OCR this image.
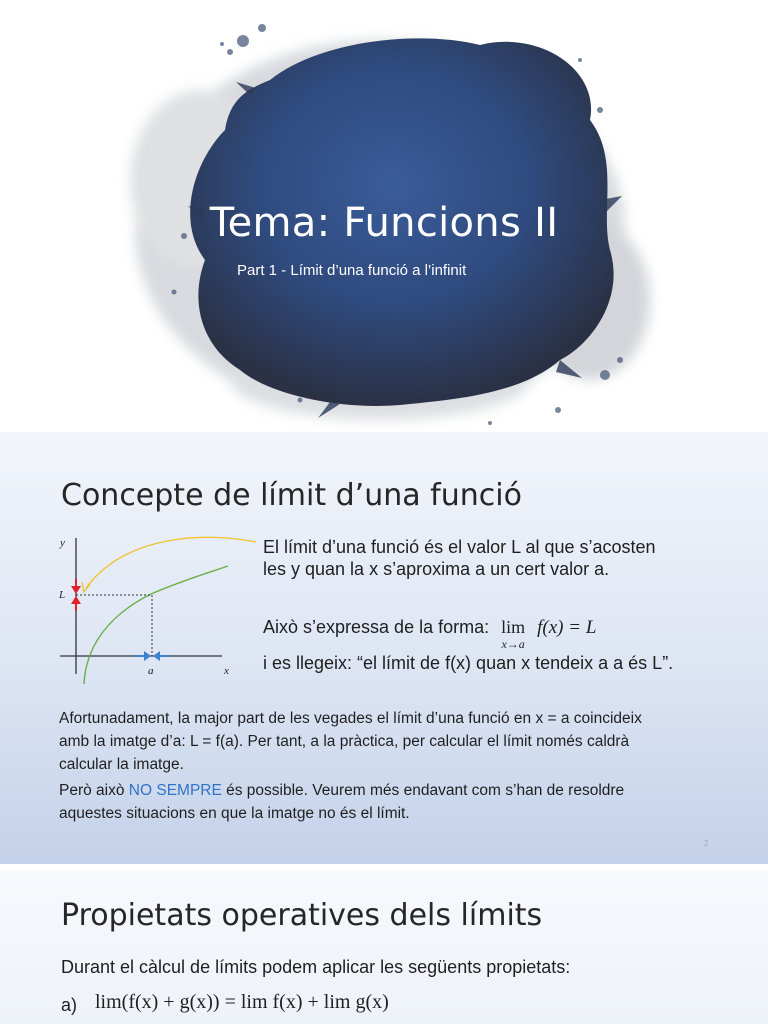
Tema: Funcions II
Part 1 - Límit d’una funció a l’infinit
Concepte de límit d’una funció
y
x
L
a
El límit d’una funció és el valor L al que s’acosten
les y quan la x s’aproxima a un cert valor a.
Això s’expressa de la forma: lim
x→a
f(x) = L
i es llegeix: “el límit de f(x) quan x tendeix a a és L”.
Afortunadament, la major part de les vegades el límit d’una funció en x = a coincideix
amb la imatge d’a: L = f(a). Per tant, a la pràctica, per calcular el límit només caldrà
calcular la imatge.
Però això NO SEMPRE és possible. Veurem més endavant com s’han de resoldre
aquestes situacions en que la imatge no és el límit.
2
Propietats operatives dels límits
Durant el càlcul de límits podem aplicar les següents propietats:
a) lim(f(x) + g(x)) = lim f(x) + lim g(x)
